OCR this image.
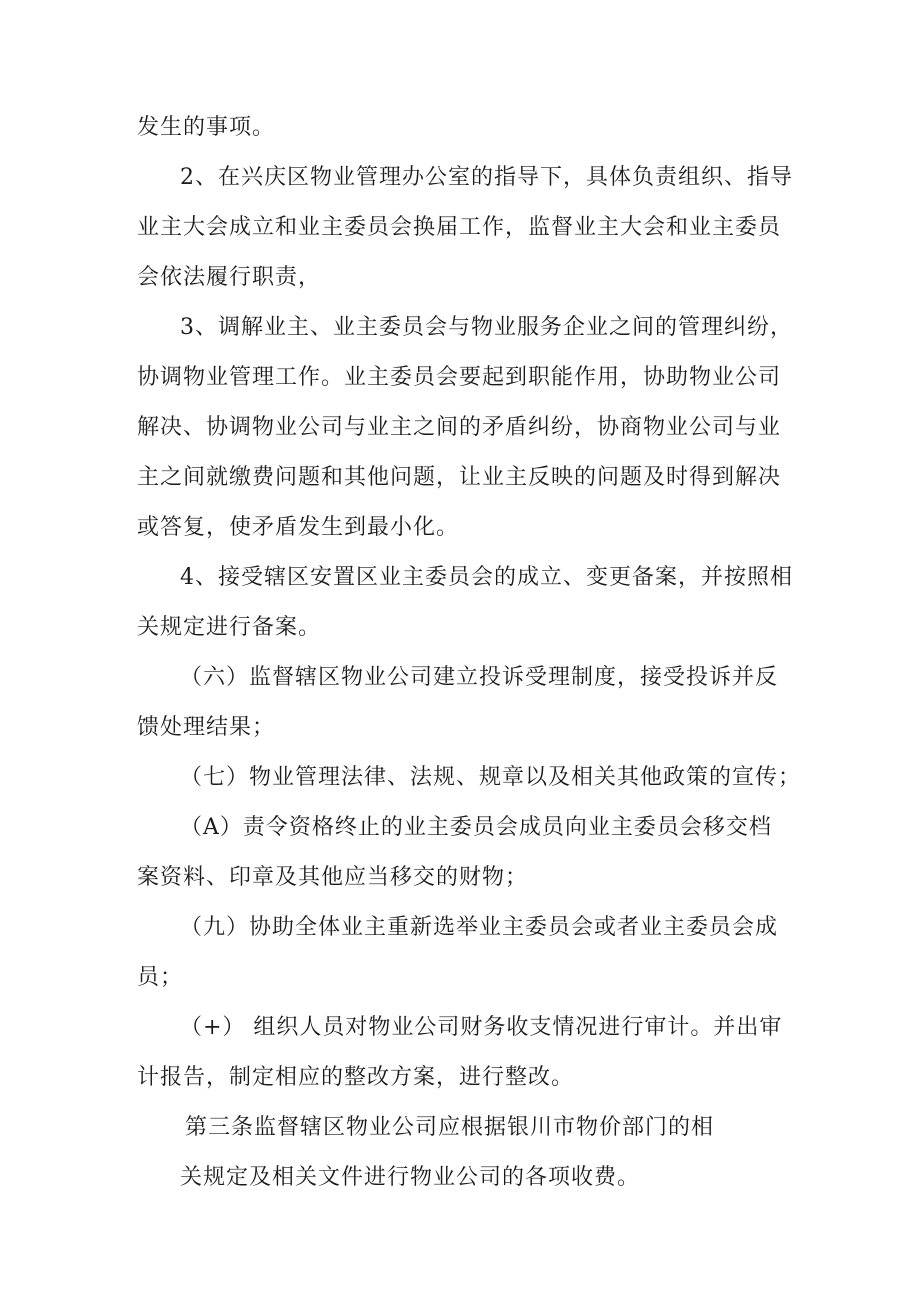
发生的事项。
2、在兴庆区物业管理办公室的指导下，具体负责组织、指导
业主大会成立和业主委员会换届工作，监督业主大会和业主委员
会依法履行职责，
3、调解业主、业主委员会与物业服务企业之间的管理纠纷，
协调物业管理工作。业主委员会要起到职能作用，协助物业公司
解决、协调物业公司与业主之间的矛盾纠纷，协商物业公司与业
主之间就缴费问题和其他问题，让业主反映的问题及时得到解决
或答复，使矛盾发生到最小化。
4、接受辖区安置区业主委员会的成立、变更备案，并按照相
关规定进行备案。
（六）监督辖区物业公司建立投诉受理制度，接受投诉并反
馈处理结果；
（七）物业管理法律、法规、规章以及相关其他政策的宣传；
（A）责令资格终止的业主委员会成员向业主委员会移交档
案资料、印章及其他应当移交的财物；
（九）协助全体业主重新选举业主委员会或者业主委员会成
员；
（+） 组织人员对物业公司财务收支情况进行审计。并出审
计报告，制定相应的整改方案，进行整改。
第三条监督辖区物业公司应根据银川市物价部门的相
关规定及相关文件进行物业公司的各项收费。
